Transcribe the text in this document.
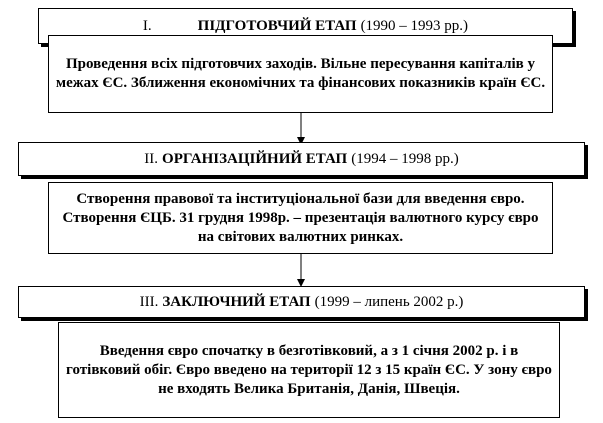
I.	ПІДГОТОВЧИЙ ЕТАП (1990 – 1993 рр.)
Проведення всіх підготовчих заходів. Вільне пересування капіталів у межах ЄС. Зближення економічних та фінансових показників країн ЄС.
ІІ. ОРГАНІЗАЦІЙНИЙ ЕТАП (1994 – 1998 рр.)
Створення правової та інституціональної бази для введення євро. Створення ЄЦБ. 31 грудня 1998р. – презентація валютного курсу євро на світових валютних ринках.
ІІІ. ЗАКЛЮЧНИЙ ЕТАП (1999 – липень 2002 р.)
Введення євро спочатку в безготівковий, а з 1 січня 2002 р. і в готівковий обіг. Євро введено на території 12 з 15 країн ЄС. У зону євро не входять Велика Британія, Данія, Швеція.
